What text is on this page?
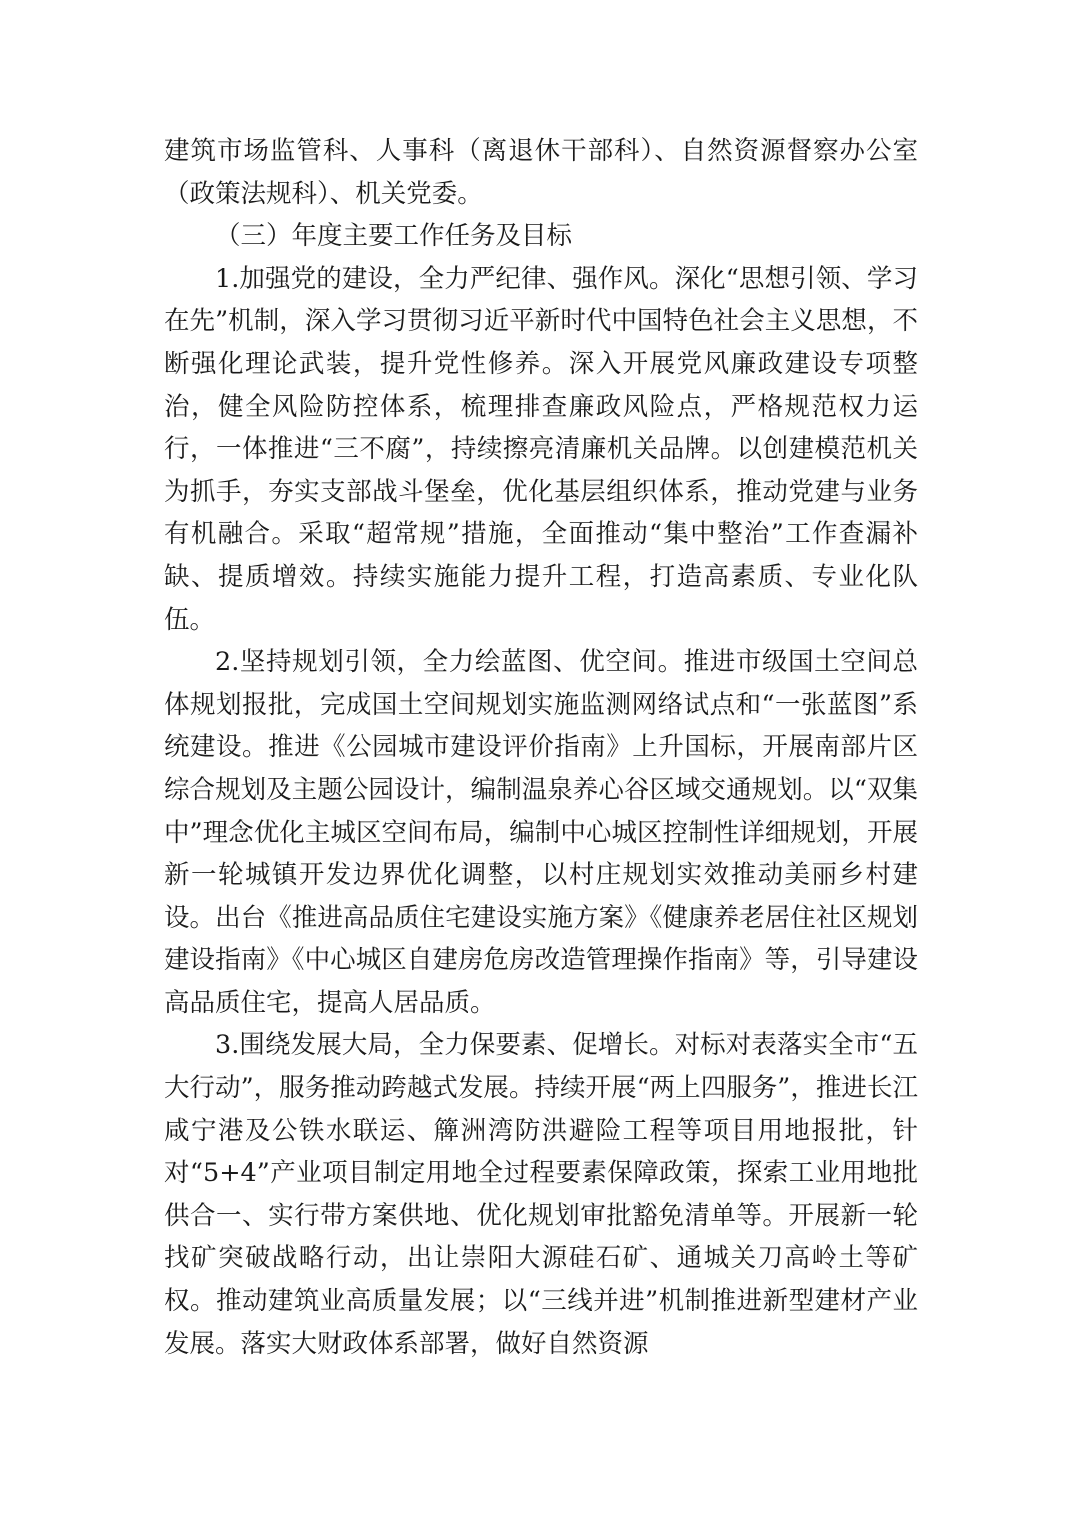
建筑市场监管科、人事科（离退休干部科）、自然资源督察办公室（政策法规科）、机关党委。

（三）年度主要工作任务及目标

1.加强党的建设，全力严纪律、强作风。深化“思想引领、学习在先”机制，深入学习贯彻习近平新时代中国特色社会主义思想，不断强化理论武装，提升党性修养。深入开展党风廉政建设专项整治，健全风险防控体系，梳理排查廉政风险点，严格规范权力运行，一体推进“三不腐”，持续擦亮清廉机关品牌。以创建模范机关为抓手，夯实支部战斗堡垒，优化基层组织体系，推动党建与业务有机融合。采取“超常规”措施，全面推动“集中整治”工作查漏补缺、提质增效。持续实施能力提升工程，打造高素质、专业化队伍。

2.坚持规划引领，全力绘蓝图、优空间。推进市级国土空间总体规划报批，完成国土空间规划实施监测网络试点和“一张蓝图”系统建设。推进《公园城市建设评价指南》上升国标，开展南部片区综合规划及主题公园设计，编制温泉养心谷区域交通规划。以“双集中”理念优化主城区空间布局，编制中心城区控制性详细规划，开展新一轮城镇开发边界优化调整，以村庄规划实效推动美丽乡村建设。出台《推进高品质住宅建设实施方案》《健康养老居住社区规划建设指南》《中心城区自建房危房改造管理操作指南》等，引导建设高品质住宅，提高人居品质。

3.围绕发展大局，全力保要素、促增长。对标对表落实全市“五大行动”，服务推动跨越式发展。持续开展“两上四服务”，推进长江咸宁港及公铁水联运、簰洲湾防洪避险工程等项目用地报批，针对“5+4”产业项目制定用地全过程要素保障政策，探索工业用地批供合一、实行带方案供地、优化规划审批豁免清单等。开展新一轮找矿突破战略行动，出让崇阳大源硅石矿、通城关刀高岭土等矿权。推动建筑业高质量发展；以“三线并进”机制推进新型建材产业发展。落实大财政体系部署，做好自然资源
